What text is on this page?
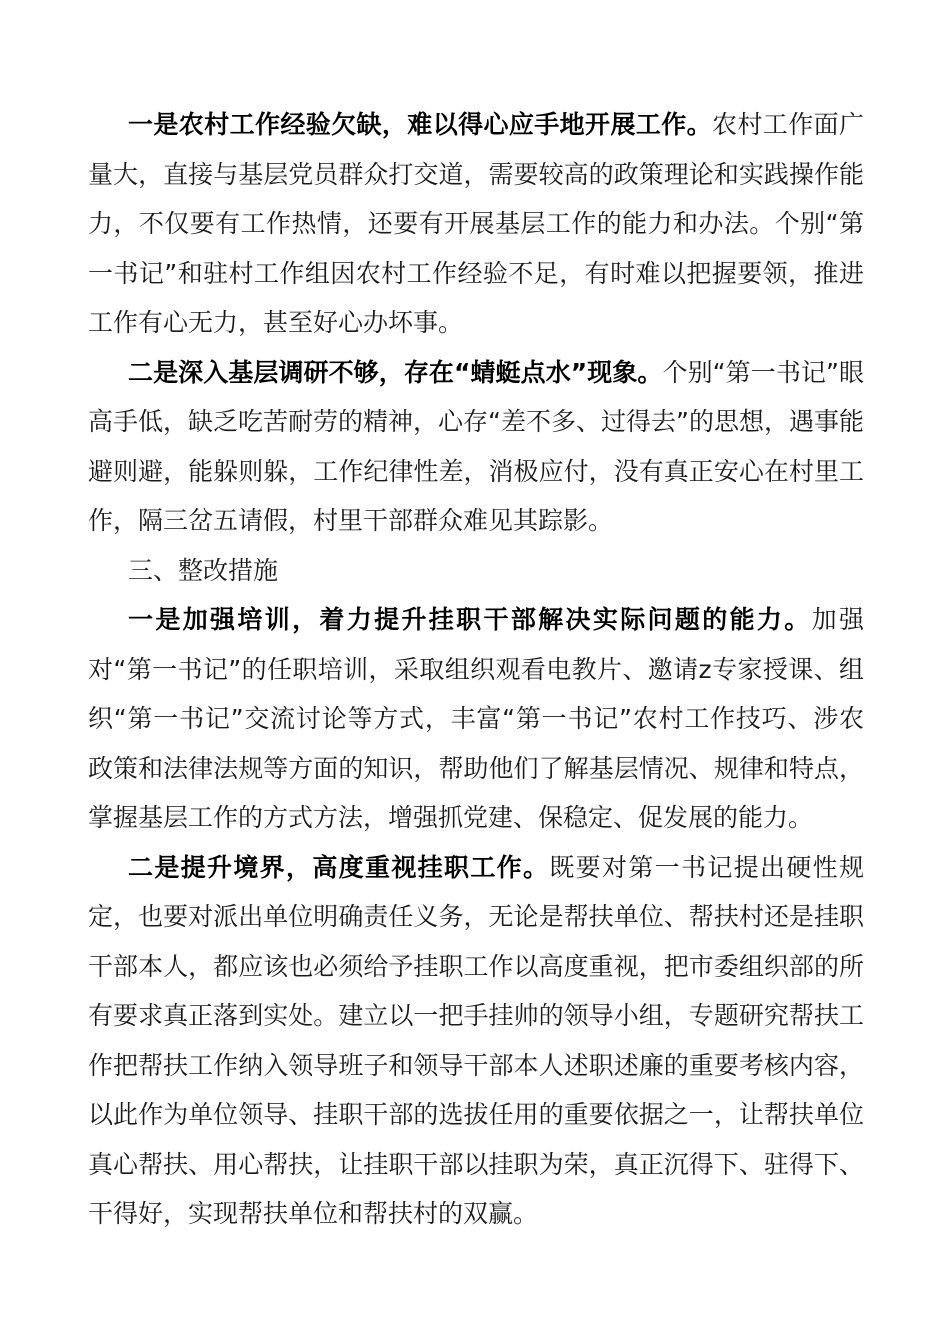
一是农村工作经验欠缺，难以得心应手地开展工作。农村工作面广量大，直接与基层党员群众打交道，需要较高的政策理论和实践操作能力，不仅要有工作热情，还要有开展基层工作的能力和办法。个别“第一书记”和驻村工作组因农村工作经验不足，有时难以把握要领，推进工作有心无力，甚至好心办坏事。

二是深入基层调研不够，存在“蜻蜓点水”现象。个别“第一书记”眼高手低，缺乏吃苦耐劳的精神，心存“差不多、过得去”的思想，遇事能避则避，能躲则躲，工作纪律性差，消极应付，没有真正安心在村里工作，隔三岔五请假，村里干部群众难见其踪影。

三、整改措施

一是加强培训，着力提升挂职干部解决实际问题的能力。加强对“第一书记”的任职培训，采取组织观看电教片、邀请z专家授课、组织“第一书记”交流讨论等方式，丰富“第一书记”农村工作技巧、涉农政策和法律法规等方面的知识，帮助他们了解基层情况、规律和特点，掌握基层工作的方式方法，增强抓党建、保稳定、促发展的能力。

二是提升境界，高度重视挂职工作。既要对第一书记提出硬性规定，也要对派出单位明确责任义务，无论是帮扶单位、帮扶村还是挂职干部本人，都应该也必须给予挂职工作以高度重视，把市委组织部的所有要求真正落到实处。建立以一把手挂帅的领导小组，专题研究帮扶工作把帮扶工作纳入领导班子和领导干部本人述职述廉的重要考核内容，以此作为单位领导、挂职干部的选拔任用的重要依据之一，让帮扶单位真心帮扶、用心帮扶，让挂职干部以挂职为荣，真正沉得下、驻得下、干得好，实现帮扶单位和帮扶村的双赢。
